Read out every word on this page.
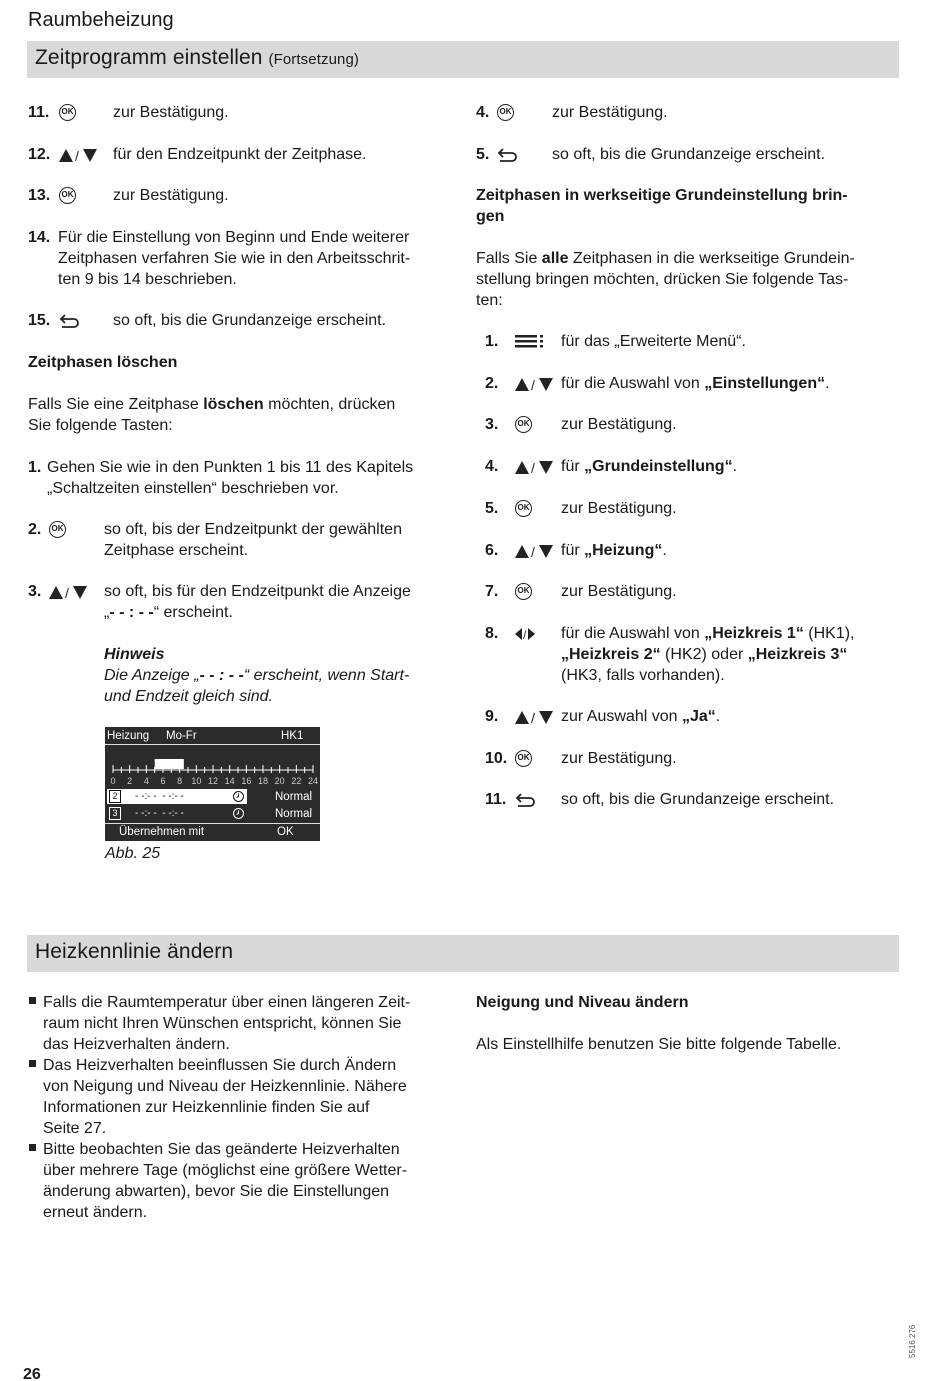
Raumbeheizung
Zeitprogramm einstellen (Fortsetzung)
11.	OK zur Bestätigung.
12. / für den Endzeitpunkt der Zeitphase.
13.	OK zur Bestätigung.
14. Für die Einstellung von Beginn und Ende weiterer
Zeitphasen verfahren Sie wie in den Arbeitsschrit-
ten 9 bis 14 beschrieben.
15.	so oft, bis die Grundanzeige erscheint.
Zeitphasen löschen
Falls Sie eine Zeitphase löschen möchten, drücken
Sie folgende Tasten:
1. Gehen Sie wie in den Punkten 1 bis 11 des Kapitels
„Schaltzeiten einstellen“ beschrieben vor.
2.	OK	so oft, bis der Endzeitpunkt der gewählten
Zeitphase erscheint.
3. / so oft, bis für den Endzeitpunkt die Anzeige
„- - : - -“ erscheint.
Hinweis
Die Anzeige „- - : - -“ erscheint, wenn Start-
und Endzeit gleich sind.
Heizung Mo-Fr	HK1
0 2 4 6 8 10 12 14 16 18 20 22 24
2	- -:- -  - -:- -	Normal
3	- -:- -  - -:- -	Normal
Übernehmen mit	OK
Abb. 25
4.	OK	zur Bestätigung.
5.	so oft, bis die Grundanzeige erscheint.
Zeitphasen in werkseitige Grundeinstellung brin-
gen
Falls Sie alle Zeitphasen in die werkseitige Grundein-
stellung bringen möchten, drücken Sie folgende Tas-
ten:
1.	für das „Erweiterte Menü“.
2. / für die Auswahl von „Einstellungen“.
3.	OK zur Bestätigung.
4. / für „Grundeinstellung“.
5.	OK zur Bestätigung.
6. / für „Heizung“.
7.	OK zur Bestätigung.
8. / für die Auswahl von „Heizkreis 1“ (HK1),
„Heizkreis 2“ (HK2) oder „Heizkreis 3“
(HK3, falls vorhanden).
9. / zur Auswahl von „Ja“.
10.	OK zur Bestätigung.
11.	so oft, bis die Grundanzeige erscheint.
Heizkennlinie ändern
Falls die Raumtemperatur über einen längeren Zeit-
raum nicht Ihren Wünschen entspricht, können Sie
das Heizverhalten ändern.
Das Heizverhalten beeinflussen Sie durch Ändern
von Neigung und Niveau der Heizkennlinie. Nähere
Informationen zur Heizkennlinie finden Sie auf
Seite 27.
Bitte beobachten Sie das geänderte Heizverhalten
über mehrere Tage (möglichst eine größere Wetter-
änderung abwarten), bevor Sie die Einstellungen
erneut ändern.
Neigung und Niveau ändern
Als Einstellhilfe benutzen Sie bitte folgende Tabelle.
26
5516 276
